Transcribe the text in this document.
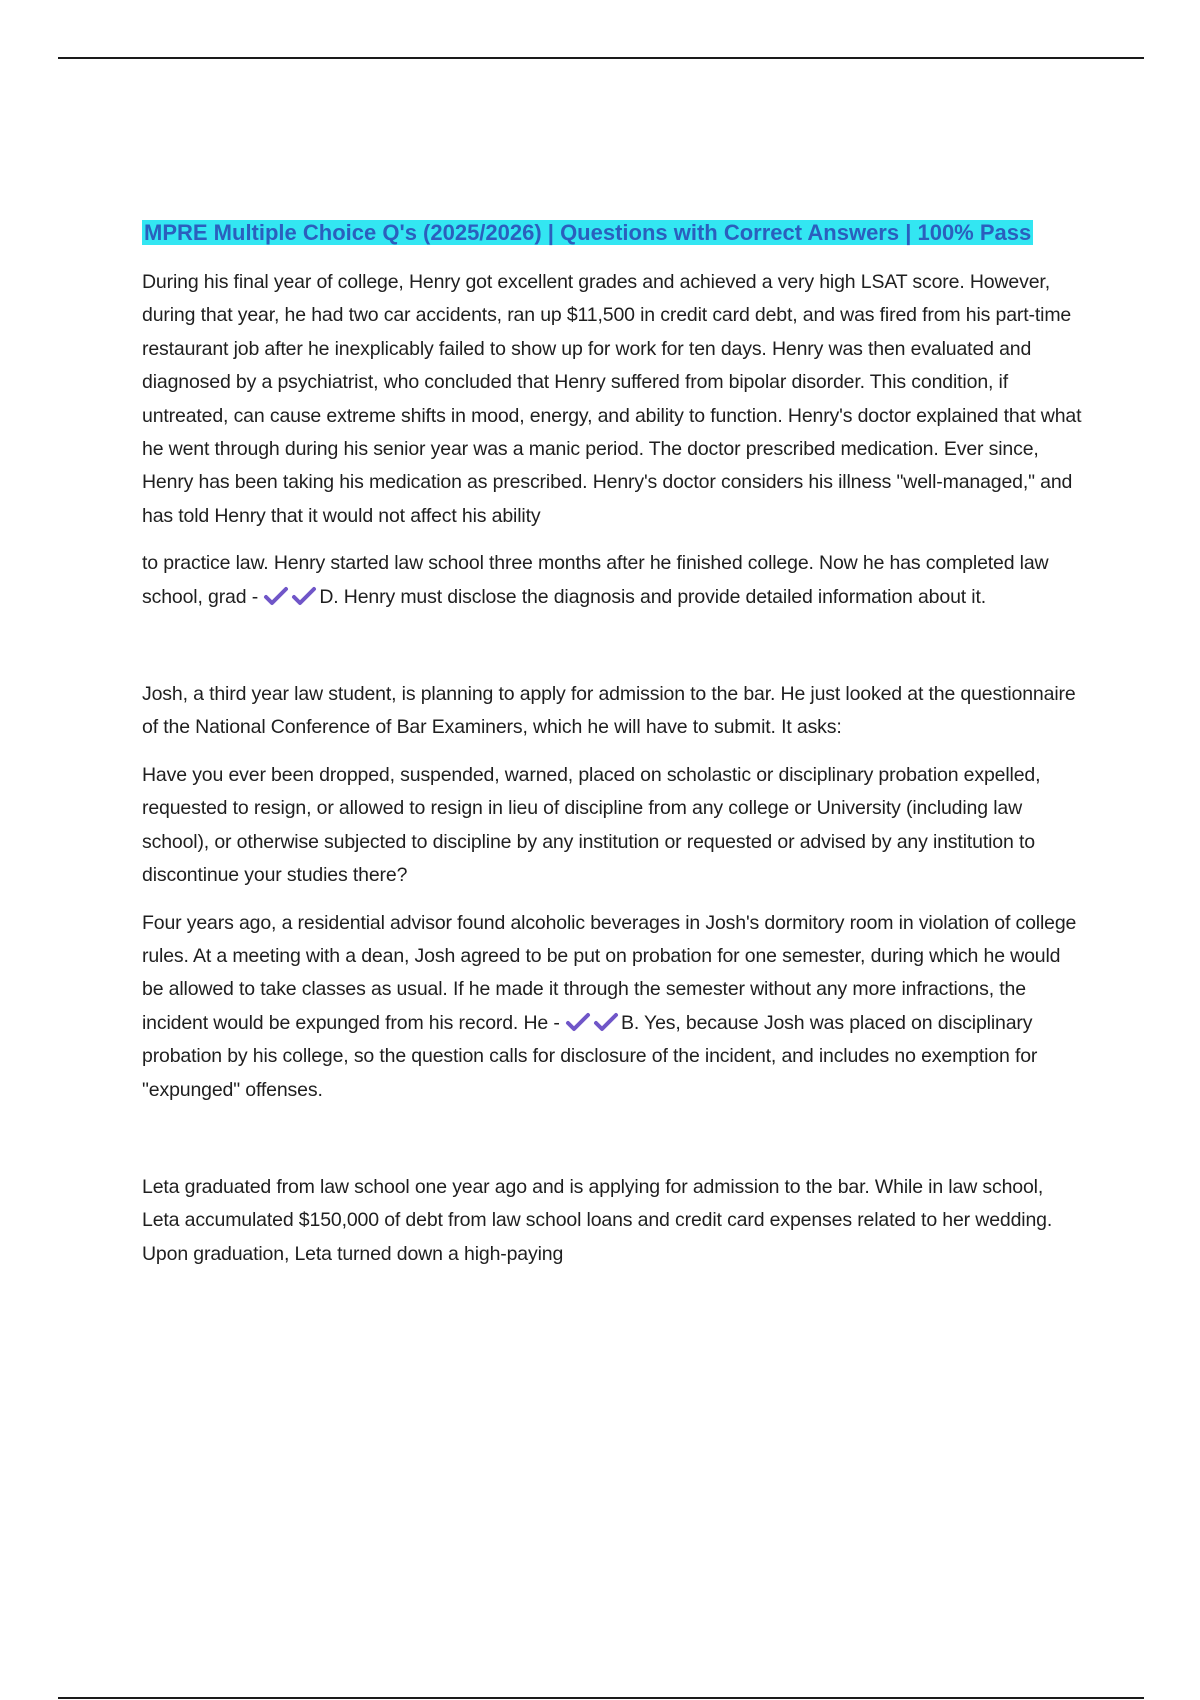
MPRE Multiple Choice Q's (2025/2026) | Questions with Correct Answers | 100% Pass

During his final year of college, Henry got excellent grades and achieved a very high LSAT score. However, during that year, he had two car accidents, ran up $11,500 in credit card debt, and was fired from his part-time restaurant job after he inexplicably failed to show up for work for ten days. Henry was then evaluated and diagnosed by a psychiatrist, who concluded that Henry suffered from bipolar disorder. This condition, if untreated, can cause extreme shifts in mood, energy, and ability to function. Henry's doctor explained that what he went through during his senior year was a manic period. The doctor prescribed medication. Ever since, Henry has been taking his medication as prescribed. Henry's doctor considers his illness "well-managed," and has told Henry that it would not affect his ability

to practice law. Henry started law school three months after he finished college. Now he has completed law school, grad -	D. Henry must disclose the diagnosis and provide detailed information about it.

Josh, a third year law student, is planning to apply for admission to the bar. He just looked at the questionnaire of the National Conference of Bar Examiners, which he will have to submit. It asks:

Have you ever been dropped, suspended, warned, placed on scholastic or disciplinary probation expelled, requested to resign, or allowed to resign in lieu of discipline from any college or University (including law school), or otherwise subjected to discipline by any institution or requested or advised by any institution to discontinue your studies there?

Four years ago, a residential advisor found alcoholic beverages in Josh's dormitory room in violation of college rules. At a meeting with a dean, Josh agreed to be put on probation for one semester, during which he would be allowed to take classes as usual. If he made it through the semester without any more infractions, the incident would be expunged from his record. He -	B. Yes, because Josh was placed on disciplinary probation by his college, so the question calls for disclosure of the incident, and includes no exemption for "expunged" offenses.

Leta graduated from law school one year ago and is applying for admission to the bar. While in law school, Leta accumulated $150,000 of debt from law school loans and credit card expenses related to her wedding. Upon graduation, Leta turned down a high-paying
